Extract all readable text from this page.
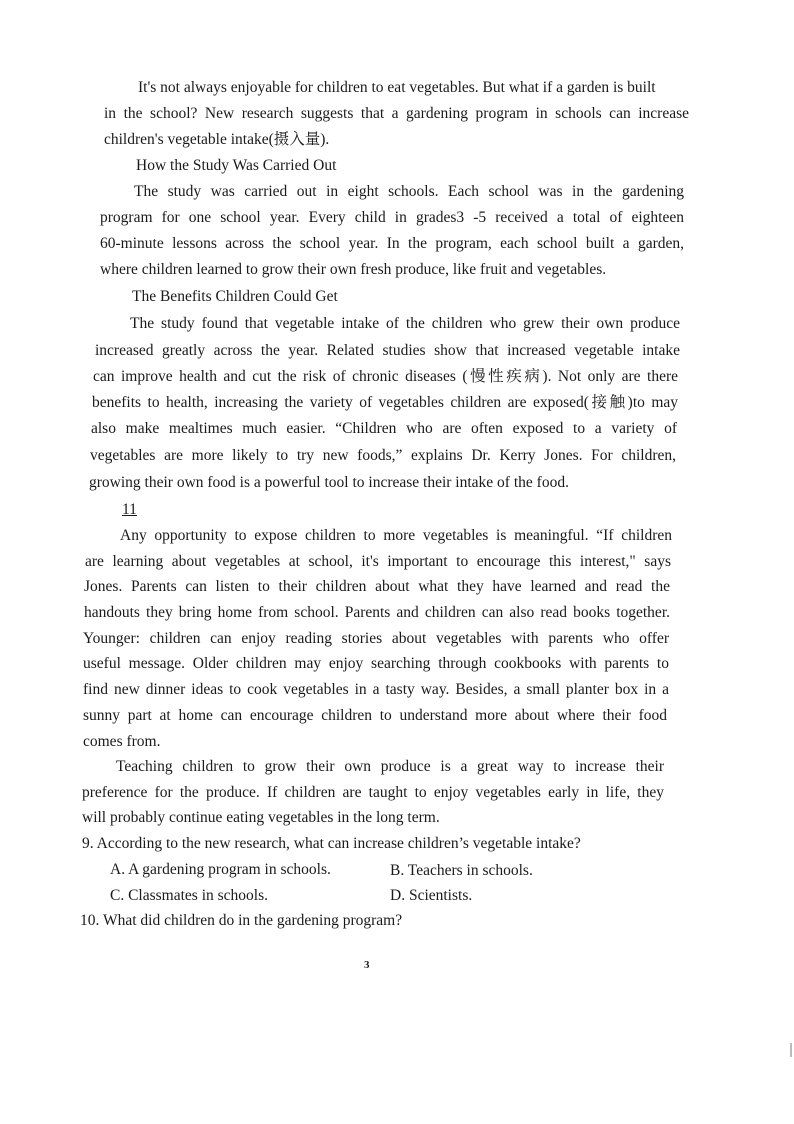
It's not always enjoyable for children to eat vegetables. But what if a garden is built
in the school? New research suggests that a gardening program in schools can increase
children's vegetable intake(摄入量).
How the Study Was Carried Out
The study was carried out in eight schools. Each school was in the gardening
program for one school year. Every child in grades3 -5 received a total of eighteen
60-minute lessons across the school year. In the program, each school built a garden,
where children learned to grow their own fresh produce, like fruit and vegetables.
The Benefits Children Could Get
The study found that vegetable intake of the children who grew their own produce
increased greatly across the year. Related studies show that increased vegetable intake
can improve health and cut the risk of chronic diseases (慢性疾病). Not only are there
benefits to health, increasing the variety of vegetables children are exposed(接触)to may
also make mealtimes much easier. “Children who are often exposed to a variety of
vegetables are more likely to try new foods,” explains Dr. Kerry Jones. For children,
growing their own food is a powerful tool to increase their intake of the food.
11
Any opportunity to expose children to more vegetables is meaningful. “If children
are learning about vegetables at school, it's important to encourage this interest," says
Jones. Parents can listen to their children about what they have learned and read the
handouts they bring home from school. Parents and children can also read books together.
Younger: children can enjoy reading stories about vegetables with parents who offer
useful message. Older children may enjoy searching through cookbooks with parents to
find new dinner ideas to cook vegetables in a tasty way. Besides, a small planter box in a
sunny part at home can encourage children to understand more about where their food
comes from.
Teaching children to grow their own produce is a great way to increase their
preference for the produce. If children are taught to enjoy vegetables early in life, they
will probably continue eating vegetables in the long term.
9. According to the new research, what can increase children’s vegetable intake?
A. A gardening program in schools.	B. Teachers in schools.
C. Classmates in schools.	D. Scientists.
10. What did children do in the gardening program?
3
